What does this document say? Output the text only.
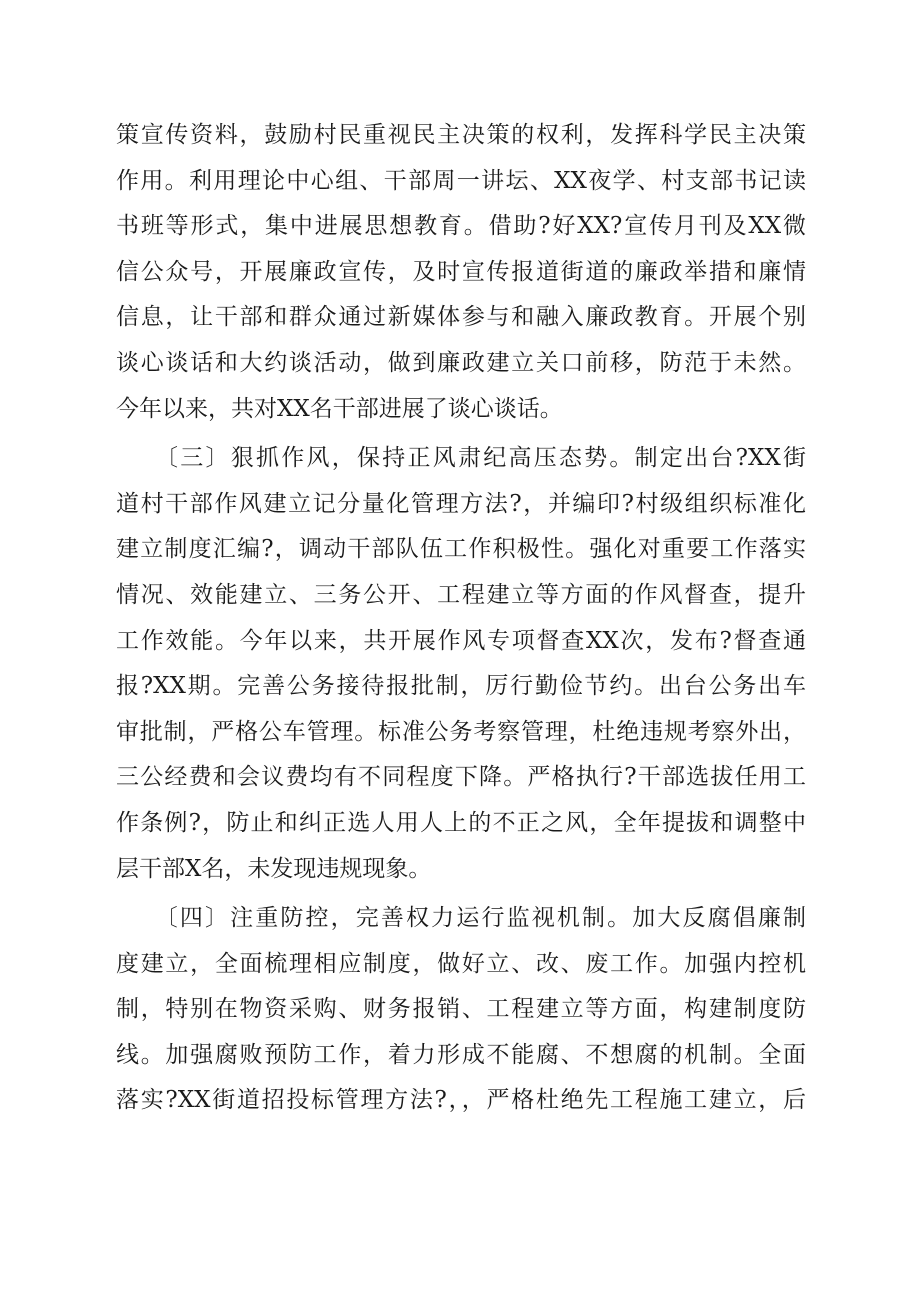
策宣传资料，鼓励村民重视民主决策的权利，发挥科学民主决策
作用。利用理论中心组、干部周一讲坛、XX夜学、村支部书记读
书班等形式，集中进展思想教育。借助?好XX?宣传月刊及XX微
信公众号，开展廉政宣传，及时宣传报道街道的廉政举措和廉情
信息，让干部和群众通过新媒体参与和融入廉政教育。开展个别
谈心谈话和大约谈活动，做到廉政建立关口前移，防范于未然。
今年以来，共对XX名干部进展了谈心谈话。
　　〔三〕狠抓作风，保持正风肃纪高压态势。制定出台?XX街
道村干部作风建立记分量化管理方法?，并编印?村级组织标准化
建立制度汇编?，调动干部队伍工作积极性。强化对重要工作落实
情况、效能建立、三务公开、工程建立等方面的作风督查，提升
工作效能。今年以来，共开展作风专项督查XX次，发布?督查通
报?XX期。完善公务接待报批制，厉行勤俭节约。出台公务出车
审批制，严格公车管理。标准公务考察管理，杜绝违规考察外出，
三公经费和会议费均有不同程度下降。严格执行?干部选拔任用工
作条例?，防止和纠正选人用人上的不正之风，全年提拔和调整中
层干部X名，未发现违规现象。
　　〔四〕注重防控，完善权力运行监视机制。加大反腐倡廉制
度建立，全面梳理相应制度，做好立、改、废工作。加强内控机
制，特别在物资采购、财务报销、工程建立等方面，构建制度防
线。加强腐败预防工作，着力形成不能腐、不想腐的机制。全面
落实?XX街道招投标管理方法?，，严格杜绝先工程施工建立，后
